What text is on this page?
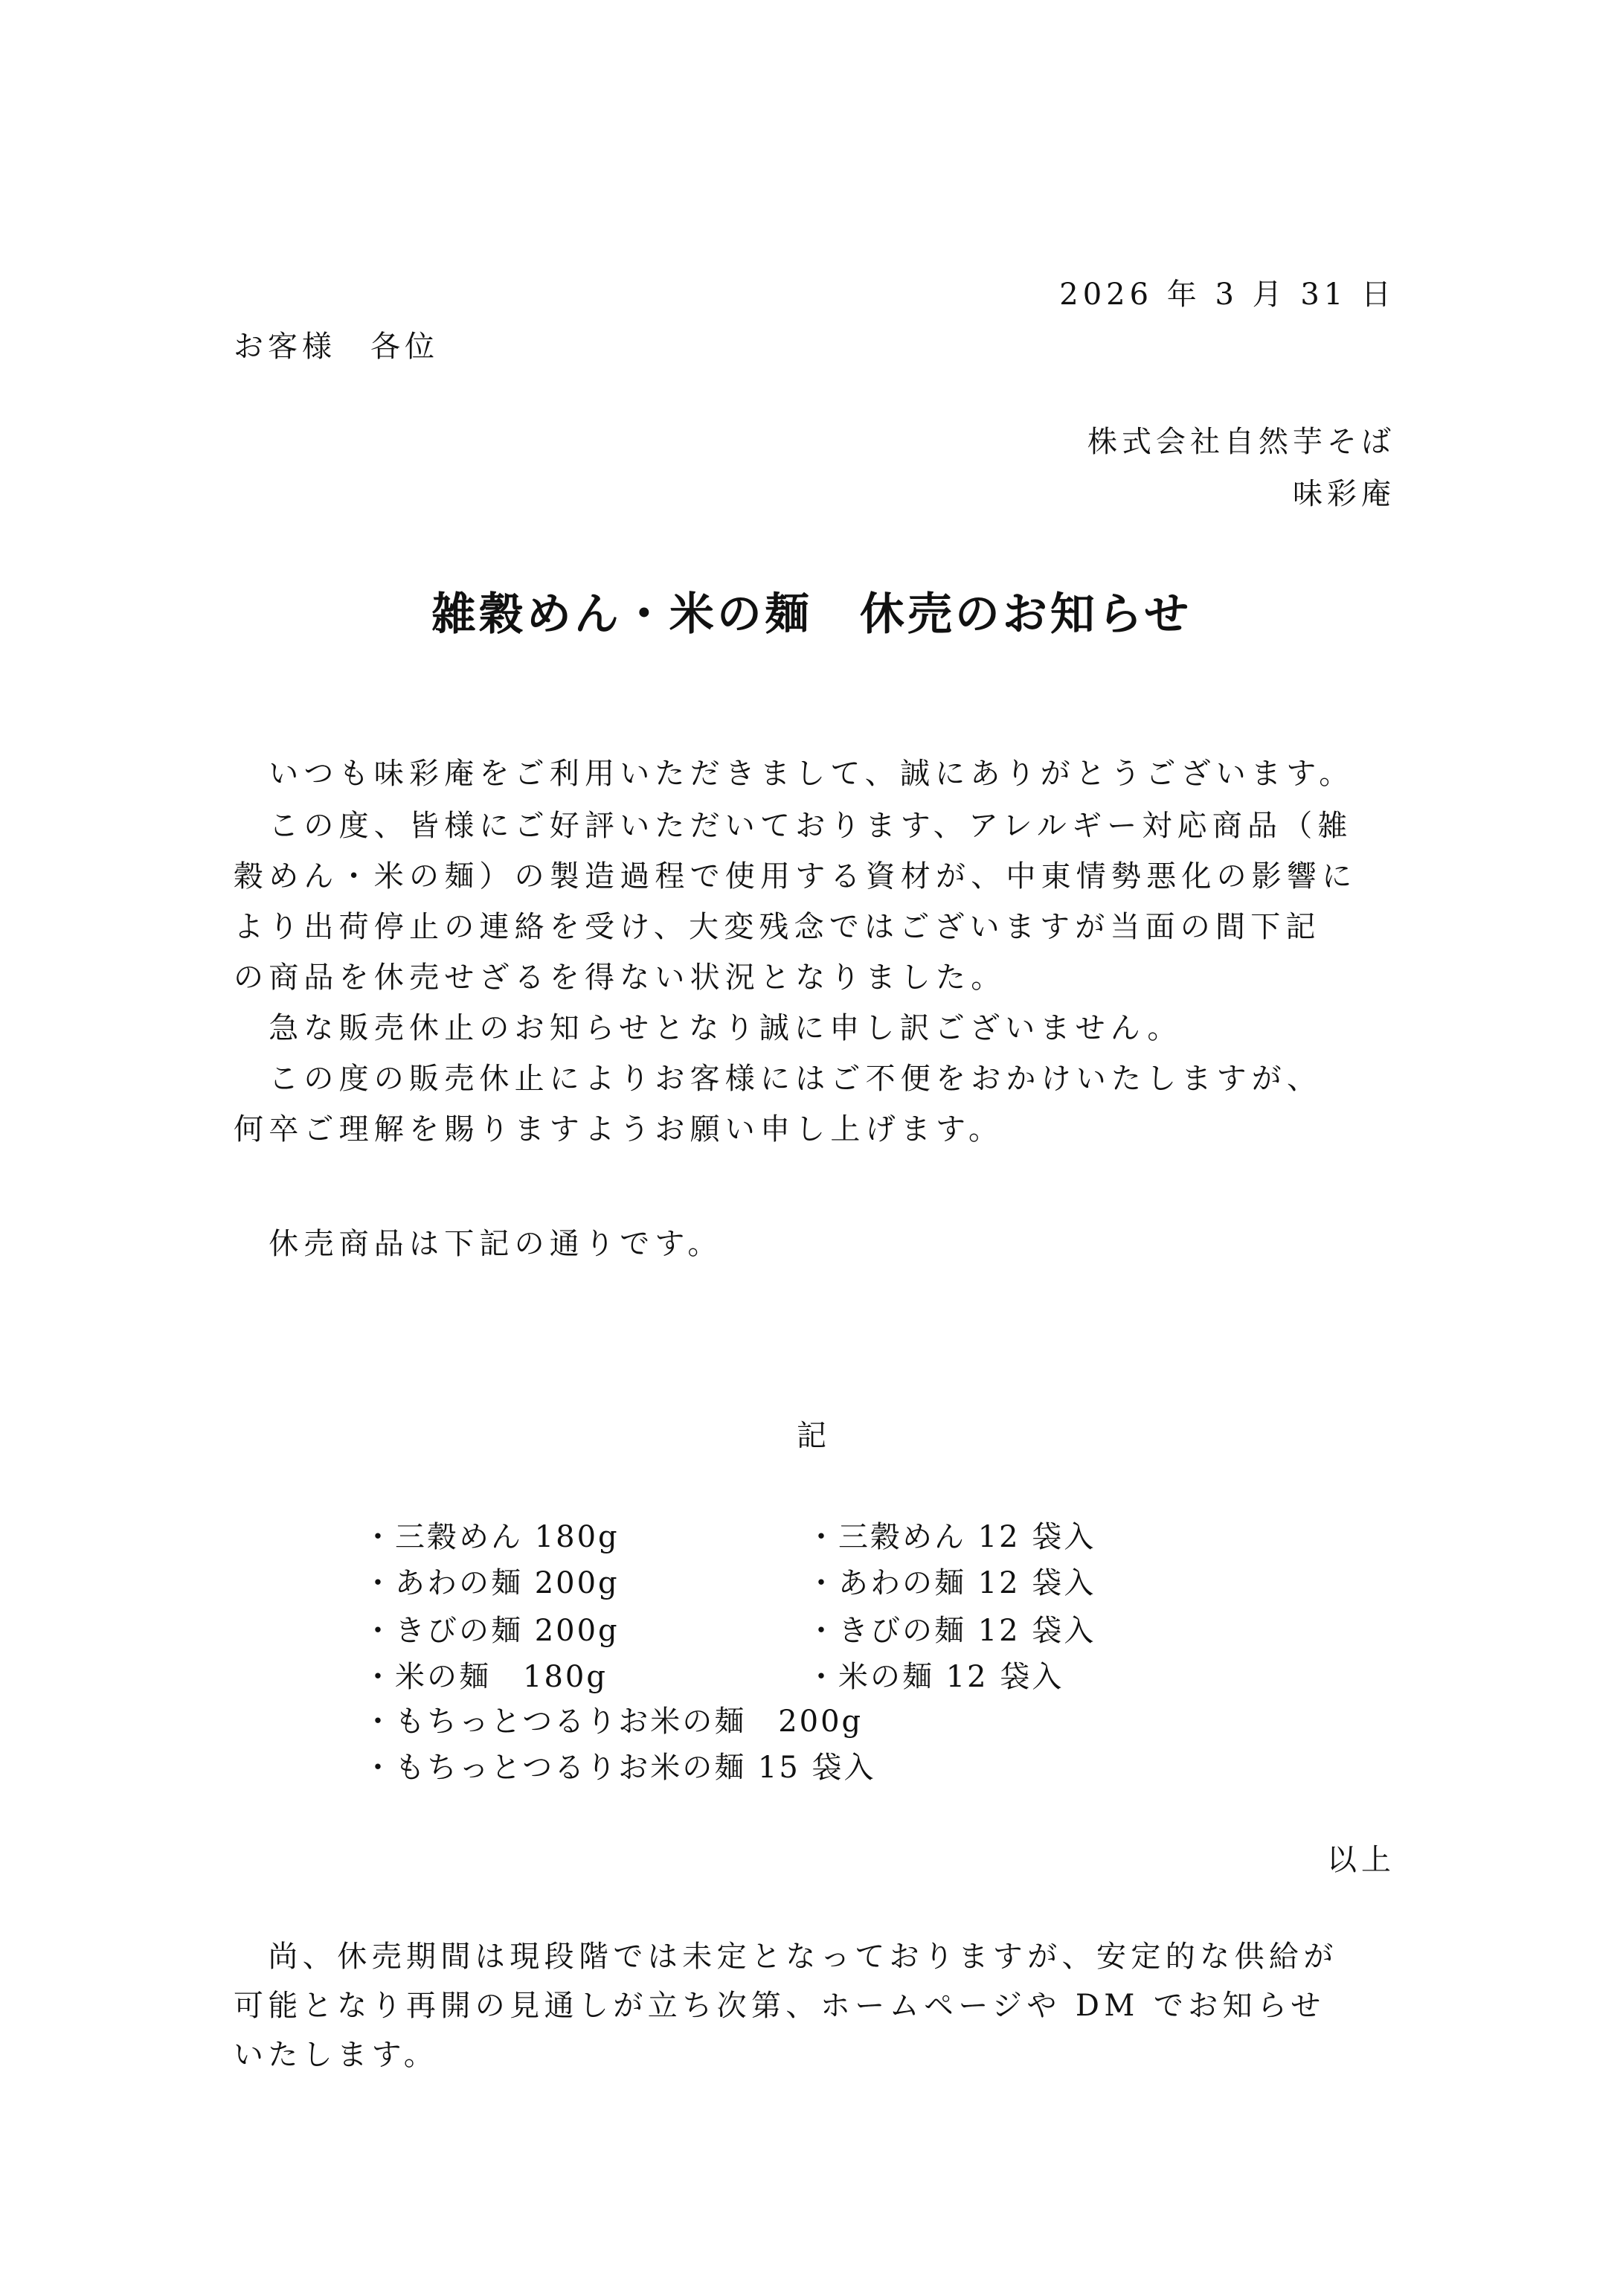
2026 年 3 月 31 日
お客様　各位
株式会社自然芋そば
味彩庵
雑穀めん・米の麺　休売のお知らせ
　いつも味彩庵をご利用いただきまして、誠にありがとうございます。
　この度、皆様にご好評いただいております、アレルギー対応商品（雑
穀めん・米の麺）の製造過程で使用する資材が、中東情勢悪化の影響に
より出荷停止の連絡を受け、大変残念ではございますが当面の間下記
の商品を休売せざるを得ない状況となりました。
　急な販売休止のお知らせとなり誠に申し訳ございません。
　この度の販売休止によりお客様にはご不便をおかけいたしますが、
何卒ご理解を賜りますようお願い申し上げます。
　休売商品は下記の通りです。
記
・三穀めん 180g
・あわの麺 200g
・きびの麺 200g
・米の麺　180g
・もちっとつるりお米の麺　200g
・もちっとつるりお米の麺 15 袋入
・三穀めん 12 袋入
・あわの麺 12 袋入
・きびの麺 12 袋入
・米の麺 12 袋入
以上
　尚、休売期間は現段階では未定となっておりますが、安定的な供給が
可能となり再開の見通しが立ち次第、ホームページや DM でお知らせ
いたします。
